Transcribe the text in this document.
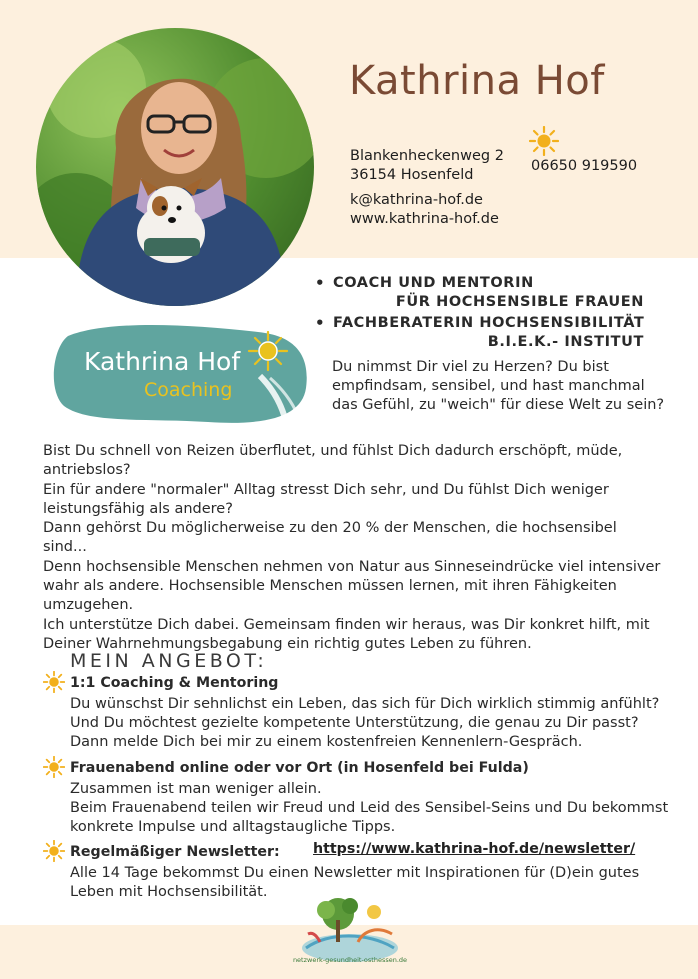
Kathrina Hof
Blankenheckenweg 2
36154 Hosenfeld
06650 919590
k@kathrina-hof.de
www.kathrina-hof.de
• COACH UND MENTORIN
FÜR HOCHSENSIBLE FRAUEN
• FACHBERATERIN HOCHSENSIBILITÄT
B.I.E.K.- INSTITUT
Kathrina Hof
Coaching
Du nimmst Dir viel zu Herzen? Du bist empfindsam, sensibel, und hast manchmal das Gefühl, zu "weich" für diese Welt zu sein?

Bist Du schnell von Reizen überflutet, und fühlst Dich dadurch erschöpft, müde, antriebslos?

Ein für andere "normaler" Alltag stresst Dich sehr, und Du fühlst Dich weniger leistungsfähig als andere?

Dann gehörst Du möglicherweise zu den 20 % der Menschen, die hochsensibel sind...

Denn hochsensible Menschen nehmen von Natur aus Sinneseindrücke viel intensiver wahr als andere. Hochsensible Menschen müssen lernen, mit ihren Fähigkeiten umzugehen.

Ich unterstütze Dich dabei. Gemeinsam finden wir heraus, was Dir konkret hilft, mit Deiner Wahrnehmungsbegabung ein richtig gutes Leben zu führen.

MEIN ANGEBOT:
1:1 Coaching & Mentoring
Du wünschst Dir sehnlichst ein Leben, das sich für Dich wirklich stimmig anfühlt?
Und Du möchtest gezielte kompetente Unterstützung, die genau zu Dir passt?
Dann melde Dich bei mir zu einem kostenfreien Kennenlern-Gespräch.
Frauenabend online oder vor Ort (in Hosenfeld bei Fulda)
Zusammen ist man weniger allein.
Beim Frauenabend teilen wir Freud und Leid des Sensibel-Seins und Du bekommst konkrete Impulse und alltagstaugliche Tipps.
Regelmäßiger Newsletter: https://www.kathrina-hof.de/newsletter/
Alle 14 Tage bekommst Du einen Newsletter mit Inspirationen für (D)ein gutes Leben mit Hochsensibilität.
netzwerk-gesundheit-osthessen.de
